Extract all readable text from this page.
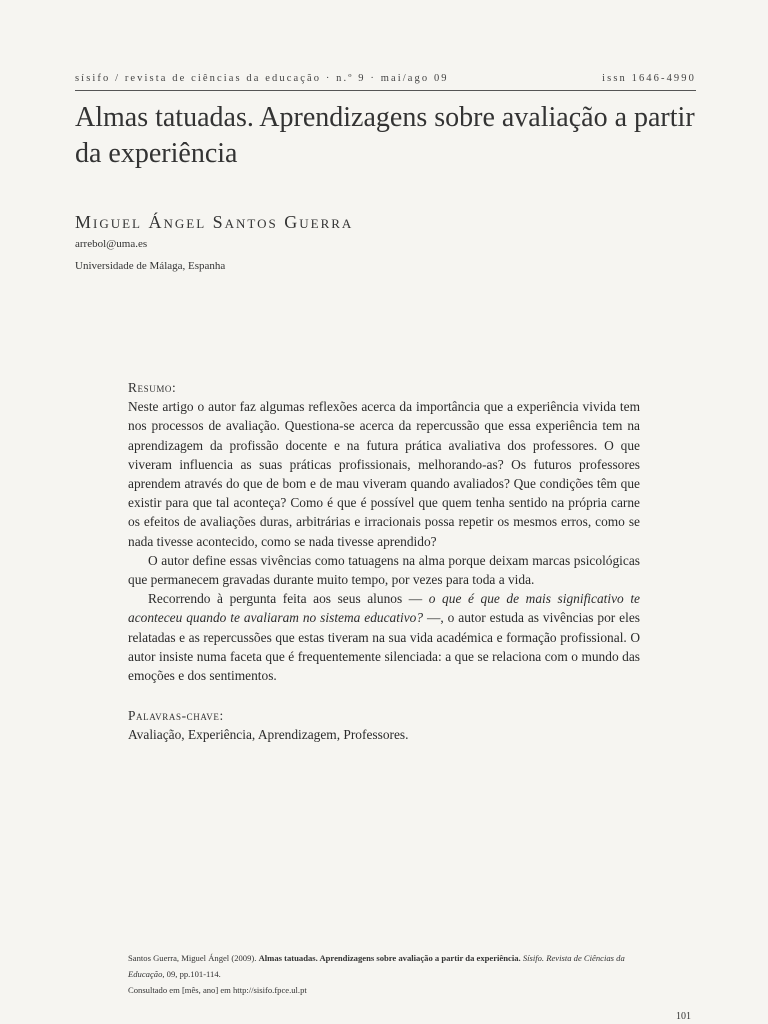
sísifo / revista de ciências da educação · n.º 9 · mai/ago 09	issn 1646-4990
Almas tatuadas. Aprendizagens sobre avaliação a partir da experiência
Miguel Ángel Santos Guerra
arrebol@uma.es
Universidade de Málaga, Espanha
Resumo:

Neste artigo o autor faz algumas reflexões acerca da importância que a experiência vivida tem nos processos de avaliação. Questiona-se acerca da repercussão que essa experiência tem na aprendizagem da profissão docente e na futura prática avaliativa dos professores. O que viveram influencia as suas práticas profissionais, melhorando-as? Os futuros professores aprendem através do que de bom e de mau viveram quando avaliados? Que condições têm que existir para que tal aconteça? Como é que é possível que quem tenha sentido na própria carne os efeitos de avaliações duras, arbitrárias e irracionais possa repetir os mesmos erros, como se nada tivesse acontecido, como se nada tivesse aprendido?

O autor define essas vivências como tatuagens na alma porque deixam marcas psicológicas que permanecem gravadas durante muito tempo, por vezes para toda a vida.

Recorrendo à pergunta feita aos seus alunos — o que é que de mais significativo te aconteceu quando te avaliaram no sistema educativo? —, o autor estuda as vivências por eles relatadas e as repercussões que estas tiveram na sua vida académica e formação profissional. O autor insiste numa faceta que é frequentemente silenciada: a que se relaciona com o mundo das emoções e dos sentimentos.

Palavras-chave:
Avaliação, Experiência, Aprendizagem, Professores.
Santos Guerra, Miguel Ángel (2009). Almas tatuadas. Aprendizagens sobre avaliação a partir da experiência. Sísifo. Revista de Ciências da Educação, 09, pp.101-114.
Consultado em [mês, ano] em http://sisifo.fpce.ul.pt
101
